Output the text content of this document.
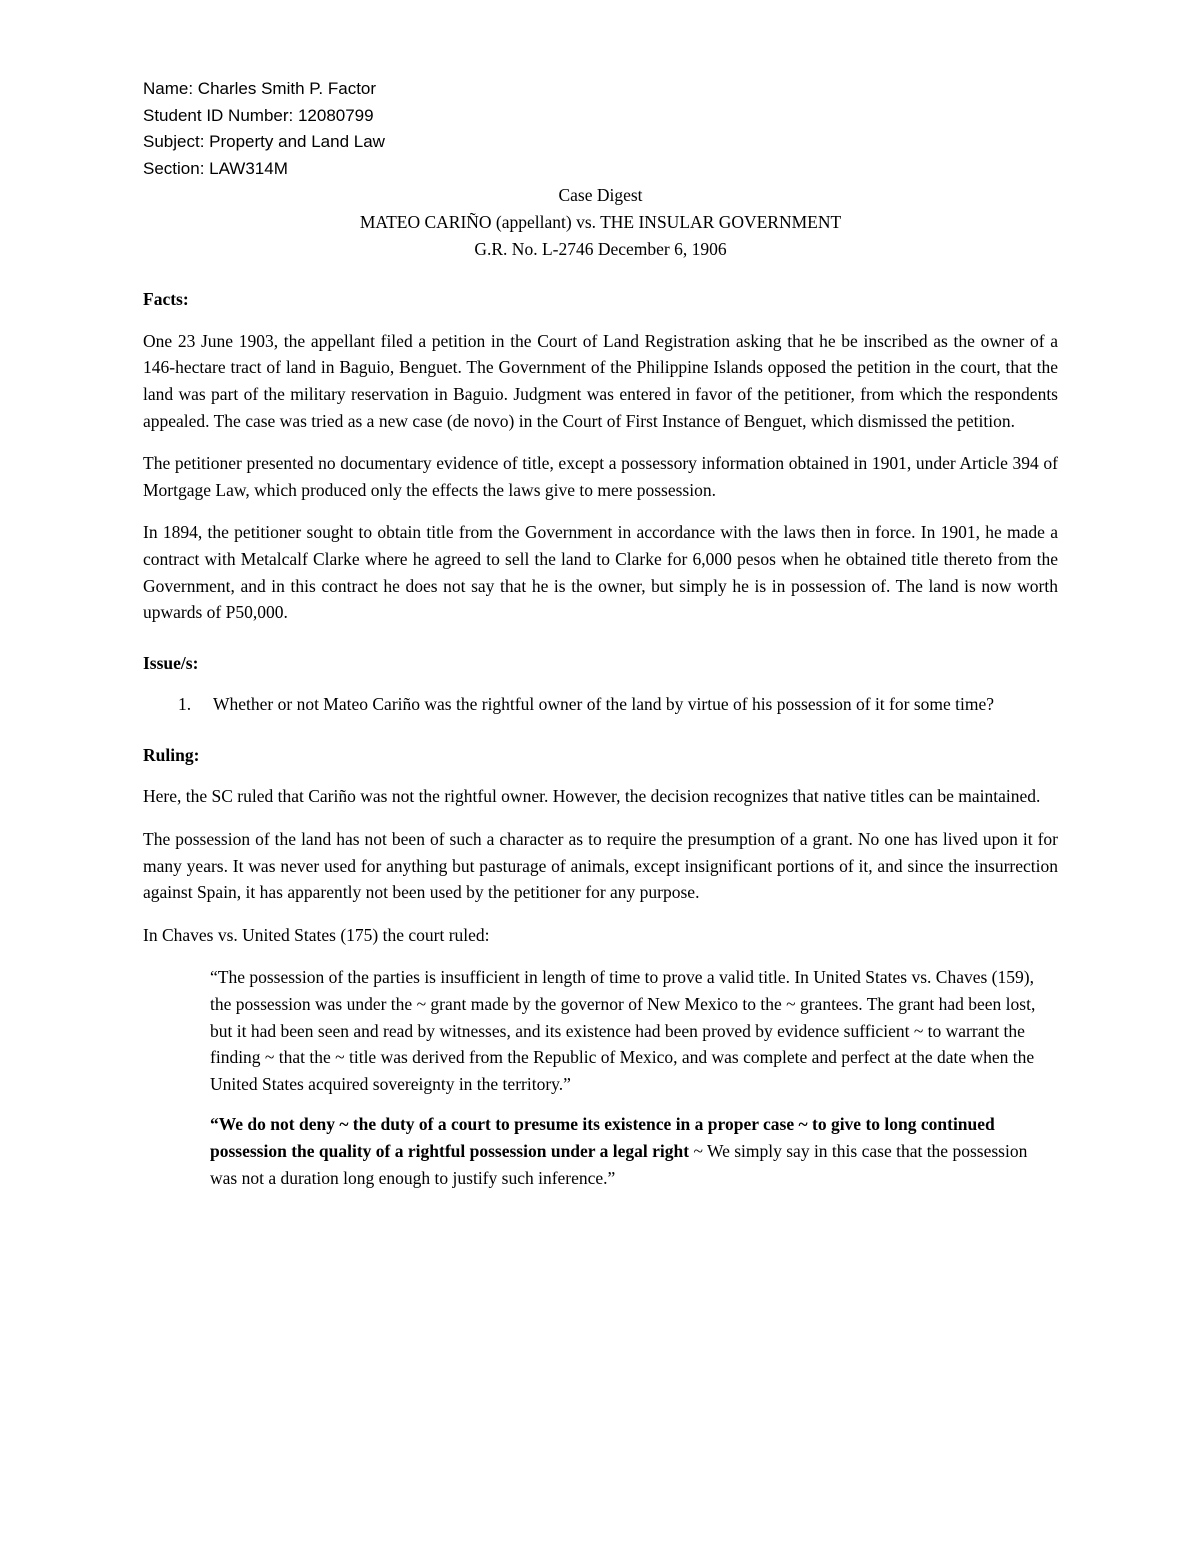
Name: Charles Smith P. Factor
Student ID Number: 12080799
Subject: Property and Land Law
Section: LAW314M
Case Digest
MATEO CARIÑO (appellant) vs. THE INSULAR GOVERNMENT
G.R. No. L-2746 December 6, 1906
Facts:

One 23 June 1903, the appellant filed a petition in the Court of Land Registration asking that he be inscribed as the owner of a 146-hectare tract of land in Baguio, Benguet. The Government of the Philippine Islands opposed the petition in the court, that the land was part of the military reservation in Baguio. Judgment was entered in favor of the petitioner, from which the respondents appealed. The case was tried as a new case (de novo) in the Court of First Instance of Benguet, which dismissed the petition.

The petitioner presented no documentary evidence of title, except a possessory information obtained in 1901, under Article 394 of Mortgage Law, which produced only the effects the laws give to mere possession.

In 1894, the petitioner sought to obtain title from the Government in accordance with the laws then in force. In 1901, he made a contract with Metalcalf Clarke where he agreed to sell the land to Clarke for 6,000 pesos when he obtained title thereto from the Government, and in this contract he does not say that he is the owner, but simply he is in possession of. The land is now worth upwards of P50,000.

Issue/s:
1.	Whether or not Mateo Cariño was the rightful owner of the land by virtue of his possession of it for some time?
Ruling:

Here, the SC ruled that Cariño was not the rightful owner. However, the decision recognizes that native titles can be maintained.

The possession of the land has not been of such a character as to require the presumption of a grant. No one has lived upon it for many years. It was never used for anything but pasturage of animals, except insignificant portions of it, and since the insurrection against Spain, it has apparently not been used by the petitioner for any purpose.

In Chaves vs. United States (175) the court ruled:

“The possession of the parties is insufficient in length of time to prove a valid title. In United States vs. Chaves (159), the possession was under the ~ grant made by the governor of New Mexico to the ~ grantees. The grant had been lost, but it had been seen and read by witnesses, and its existence had been proved by evidence sufficient ~ to warrant the finding ~ that the ~ title was derived from the Republic of Mexico, and was complete and perfect at the date when the United States acquired sovereignty in the territory.”

“We do not deny ~ the duty of a court to presume its existence in a proper case ~ to give to long continued possession the quality of a rightful possession under a legal right ~ We simply say in this case that the possession was not a duration long enough to justify such inference.”
